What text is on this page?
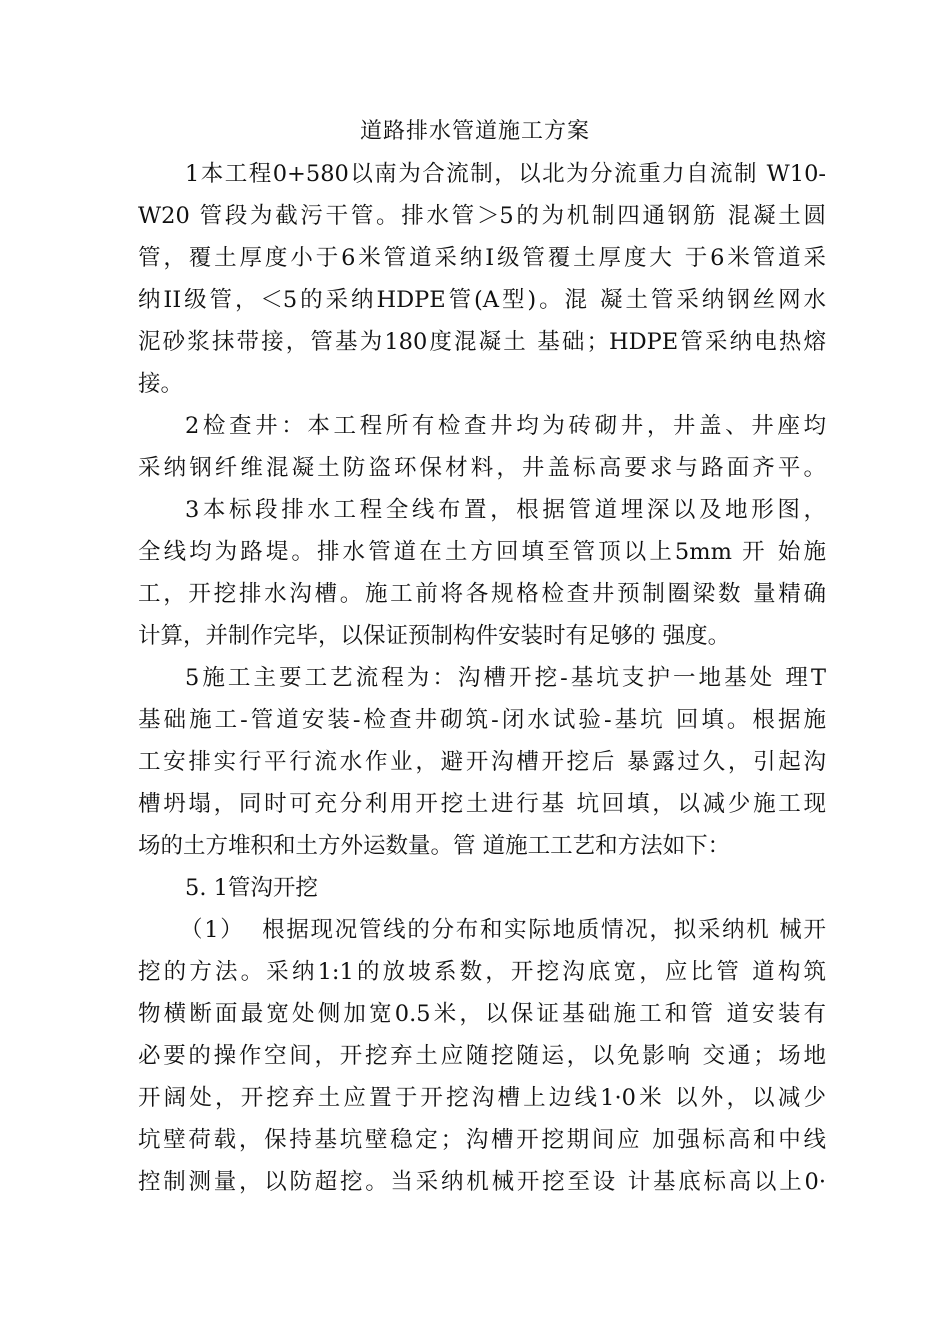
道路排水管道施工方案

1本工程0+580以南为合流制，以北为分流重力自流制 W10-

W20 管段为截污干管。排水管＞5的为机制四通钢筋 混凝土圆

管，覆土厚度小于6米管道采纳I级管覆土厚度大 于6米管道采

纳II级管，＜5的采纳HDPE管(A型)。混 凝土管采纳钢丝网水

泥砂浆抹带接，管基为180度混凝土 基础；HDPE管采纳电热熔

接。

2检查井：本工程所有检查井均为砖砌井，井盖、井座均

采纳钢纤维混凝土防盗环保材料，井盖标高要求与路面齐平。

3本标段排水工程全线布置，根据管道埋深以及地形图，

全线均为路堤。排水管道在土方回填至管顶以上5mm 开 始施

工，开挖排水沟槽。施工前将各规格检查井预制圈梁数 量精确

计算，并制作完毕，以保证预制构件安装时有足够的 强度。

5施工主要工艺流程为：沟槽开挖-基坑支护一地基处 理T

基础施工-管道安装-检查井砌筑-闭水试验-基坑 回填。根据施

工安排实行平行流水作业，避开沟槽开挖后 暴露过久，引起沟

槽坍塌，同时可充分利用开挖土进行基 坑回填，以减少施工现

场的土方堆积和土方外运数量。管 道施工工艺和方法如下：

5. 1管沟开挖

（1）  根据现况管线的分布和实际地质情况，拟采纳机 械开

挖的方法。采纳1:1的放坡系数，开挖沟底宽，应比管 道构筑

物横断面最宽处侧加宽0.5米，以保证基础施工和管 道安装有

必要的操作空间，开挖弃土应随挖随运，以免影响 交通；场地

开阔处，开挖弃土应置于开挖沟槽上边线1·0米 以外，以减少

坑壁荷载，保持基坑壁稳定；沟槽开挖期间应 加强标高和中线

控制测量，以防超挖。当采纳机械开挖至设 计基底标高以上0·
